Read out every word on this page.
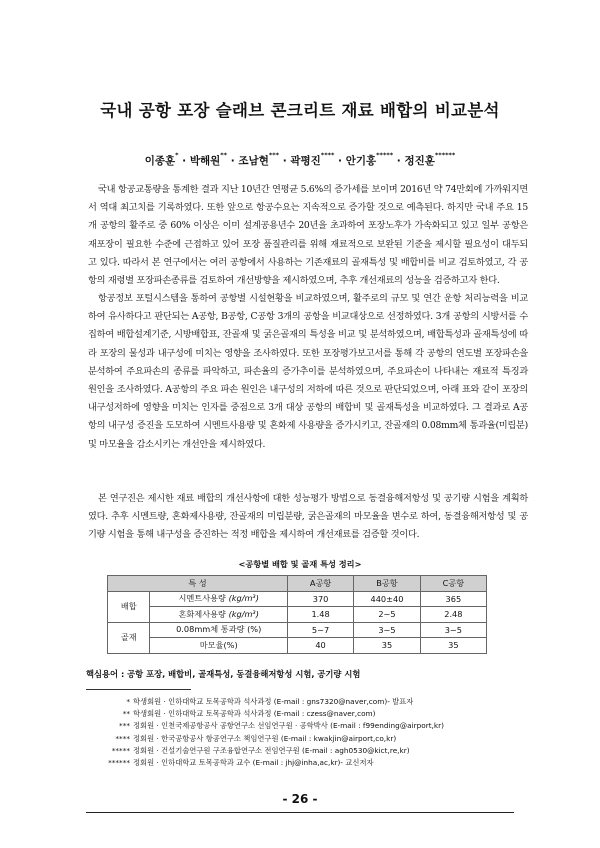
국내 공항 포장 슬래브 콘크리트 재료 배합의 비교분석
이종훈* · 박해원** · 조남현*** · 곽평진**** · 안기홍***** · 정진훈******

국내 항공교통량을 통계한 결과 지난 10년간 연평균 5.6%의 증가세를 보이며 2016년 약 74만회에 가까워지면서 역대 최고치를 기록하였다. 또한 앞으로 항공수요는 지속적으로 증가할 것으로 예측된다. 하지만 국내 주요 15개 공항의 활주로 중 60% 이상은 이미 설계공용년수 20년을 초과하여 포장노후가 가속화되고 있고 일부 공항은 재포장이 필요한 수준에 근접하고 있어 포장 품질관리를 위해 재료적으로 보완된 기준을 제시할 필요성이 대두되고 있다. 따라서 본 연구에서는 여러 공항에서 사용하는 기존재료의 골재특성 및 배합비를 비교 검토하였고, 각 공항의 재령별 포장파손종류를 검토하여 개선방향을 제시하였으며, 추후 개선재료의 성능을 검증하고자 한다.

항공정보 포털시스템을 통하여 공항별 시설현황을 비교하였으며, 활주로의 규모 및 연간 운항 처리능력을 비교하여 유사하다고 판단되는 A공항, B공항, C공항 3개의 공항을 비교대상으로 선정하였다. 3개 공항의 시방서를 수집하여 배합설계기준, 시방배합표, 잔골재 및 굵은골재의 특성을 비교 및 분석하였으며, 배합특성과 골재특성에 따라 포장의 물성과 내구성에 미치는 영향을 조사하였다. 또한 포장평가보고서를 통해 각 공항의 연도별 포장파손을 분석하여 주요파손의 종류를 파악하고, 파손율의 증가추이를 분석하였으며, 주요파손이 나타내는 재료적 특징과 원인을 조사하였다. A공항의 주요 파손 원인은 내구성의 저하에 따른 것으로 판단되었으며, 아래 표와 같이 포장의 내구성저하에 영향을 미치는 인자를 중점으로 3개 대상 공항의 배합비 및 골재특성을 비교하였다. 그 결과로 A공항의 내구성 증진을 도모하여 시멘트사용량 및 혼화제 사용량을 증가시키고, 잔골재의 0.08mm체 통과율(미립분) 및 마모율을 감소시키는 개선안을 제시하였다.

본 연구진은 제시한 재료 배합의 개선사항에 대한 성능평가 방법으로 동결융해저항성 및 공기량 시험을 계획하였다. 추후 시멘트량, 혼화제사용량, 잔골재의 미립분량, 굵은골재의 마모율을 변수로 하여, 동결융해저항성 및 공기량 시험을 통해 내구성을 증진하는 적정 배합을 제시하여 개선재료를 검증할 것이다.

<공항별 배합 및 골재 특성 정리>
특 성		A공항	B공항	C공항
배합	시멘트사용량 (kg/m³)	370	440±40	365
	혼화제사용량 (kg/m³)	1.48	2∼5	2.48
골재	0.08mm체 통과량 (%)	5∼7	3∼5	3∼5
	마모율(%)	40	35	35
핵심용어 : 공항 포장, 배합비, 골재특성, 동결융해저항성 시험, 공기량 시험
* 학생회원 · 인하대학교 토목공학과 석사과정 (E-mail : gns7320@naver,com)- 발표자
** 학생회원 · 인하대학교 토목공학과 석사과정 (E-mail : czess@naver,com)
*** 정회원 · 인천국제공항공사 공항연구소 선임연구원 · 공학박사 (E-mail : f99ending@airport,kr)
**** 정회원 · 한국공항공사 항공연구소 책임연구원 (E-mail : kwakjin@airport,co,kr)
***** 정회원 · 건설기술연구원 구조융합연구소 전임연구원 (E-mail : agh0530@kict,re,kr)
****** 정회원 · 인하대학교 토목공학과 교수 (E-mail : jhj@inha,ac,kr)- 교신저자
- 26 -
